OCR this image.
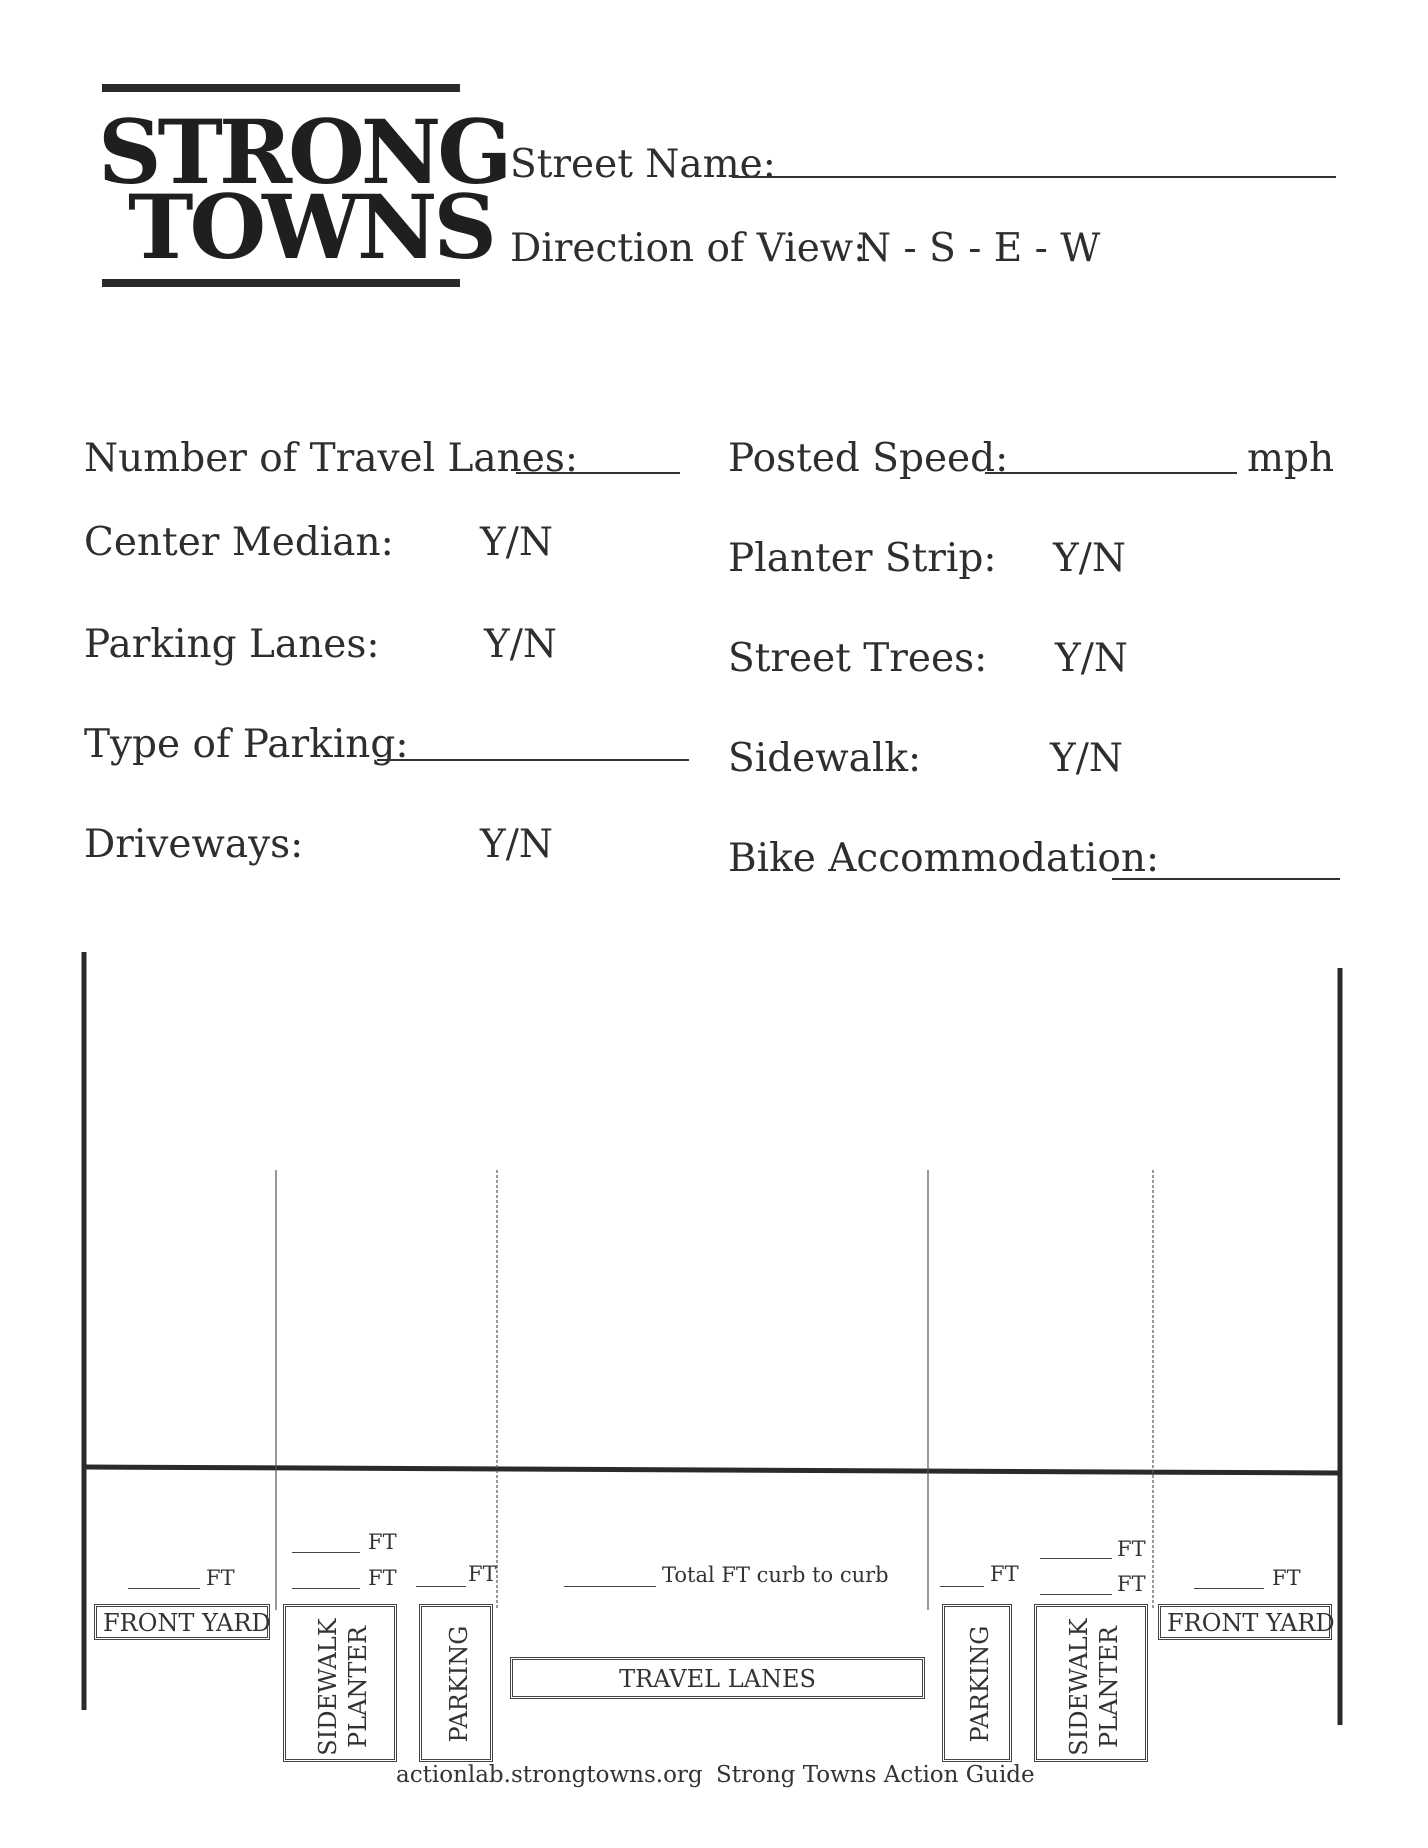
STRONG
TOWNS
Street Name:
Direction of View:
N - S - E - W
Number of Travel Lanes:
Center Median: Y/N
Parking Lanes:	Y/N
Type of Parking:
Driveways:	Y/N
Posted Speed:	mph
Planter Strip: Y/N
Street Trees: Y/N
Sidewalk:	Y/N
Bike Accommodation:
FT
FT
FT	FT	Total FT curb to curb	FT
FT
FT	FT
FRONT YARD SIDEWALK PLANTER	PARKING	TRAVEL LANES	PARKING	SIDEWALK PLANTER
FRONT YARD
actionlab.strongtowns.org Strong Towns Action Guide
